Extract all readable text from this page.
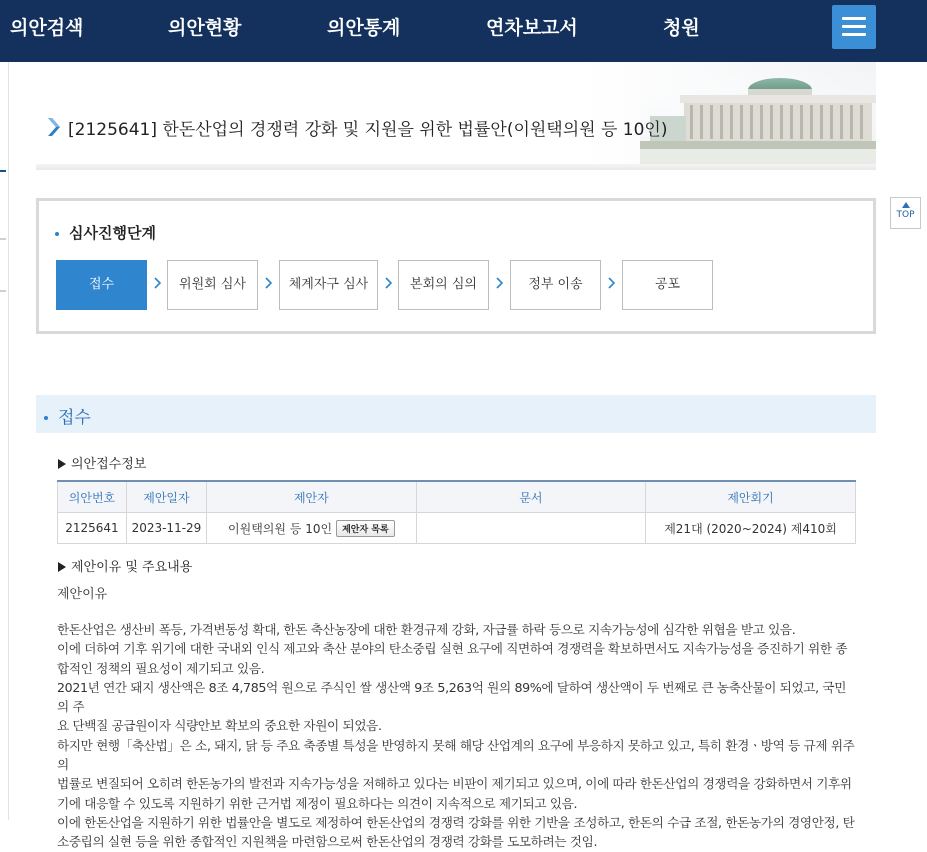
의안검색	의안현황	의안통계	연차보고서	청원
[2125641] 한돈산업의 경쟁력 강화 및 지원을 위한 법률안(이원택의원 등 10인)
TOP
심사진행단계
접수	위원회 심사	체계자구 심사	본회의 심의	정부 이송	공포
접수
의안접수정보
의안번호	제안일자	제안자	문서	제안회기
2125641	2023-11-29	이원택의원 등 10인 제안자 목록		제21대 (2020~2024) 제410회
제안이유 및 주요내용
제안이유

한돈산업은 생산비 폭등, 가격변동성 확대, 한돈 축산농장에 대한 환경규제 강화, 자급률 하락 등으로 지속가능성에 심각한 위협을 받고 있음.

이에 더하여 기후 위기에 대한 국내외 인식 제고와 축산 분야의 탄소중립 실현 요구에 직면하여 경쟁력을 확보하면서도 지속가능성을 증진하기 위한 종

합적인 정책의 필요성이 제기되고 있음.

2021년 연간 돼지 생산액은 8조 4,785억 원으로 주식인 쌀 생산액 9조 5,263억 원의 89%에 달하여 생산액이 두 번째로 큰 농축산물이 되었고, 국민의 주

요 단백질 공급원이자 식량안보 확보의 중요한 자원이 되었음.

하지만 현행「축산법」은 소, 돼지, 닭 등 주요 축종별 특성을 반영하지 못해 해당 산업계의 요구에 부응하지 못하고 있고, 특히 환경ㆍ방역 등 규제 위주의

법률로 변질되어 오히려 한돈농가의 발전과 지속가능성을 저해하고 있다는 비판이 제기되고 있으며, 이에 따라 한돈산업의 경쟁력을 강화하면서 기후위

기에 대응할 수 있도록 지원하기 위한 근거법 제정이 필요하다는 의견이 지속적으로 제기되고 있음.

이에 한돈산업을 지원하기 위한 법률안을 별도로 제정하여 한돈산업의 경쟁력 강화를 위한 기반을 조성하고, 한돈의 수급 조절, 한돈농가의 경영안정, 탄

소중립의 실현 등을 위한 종합적인 지원책을 마련함으로써 한돈산업의 경쟁력 강화를 도모하려는 것임.
